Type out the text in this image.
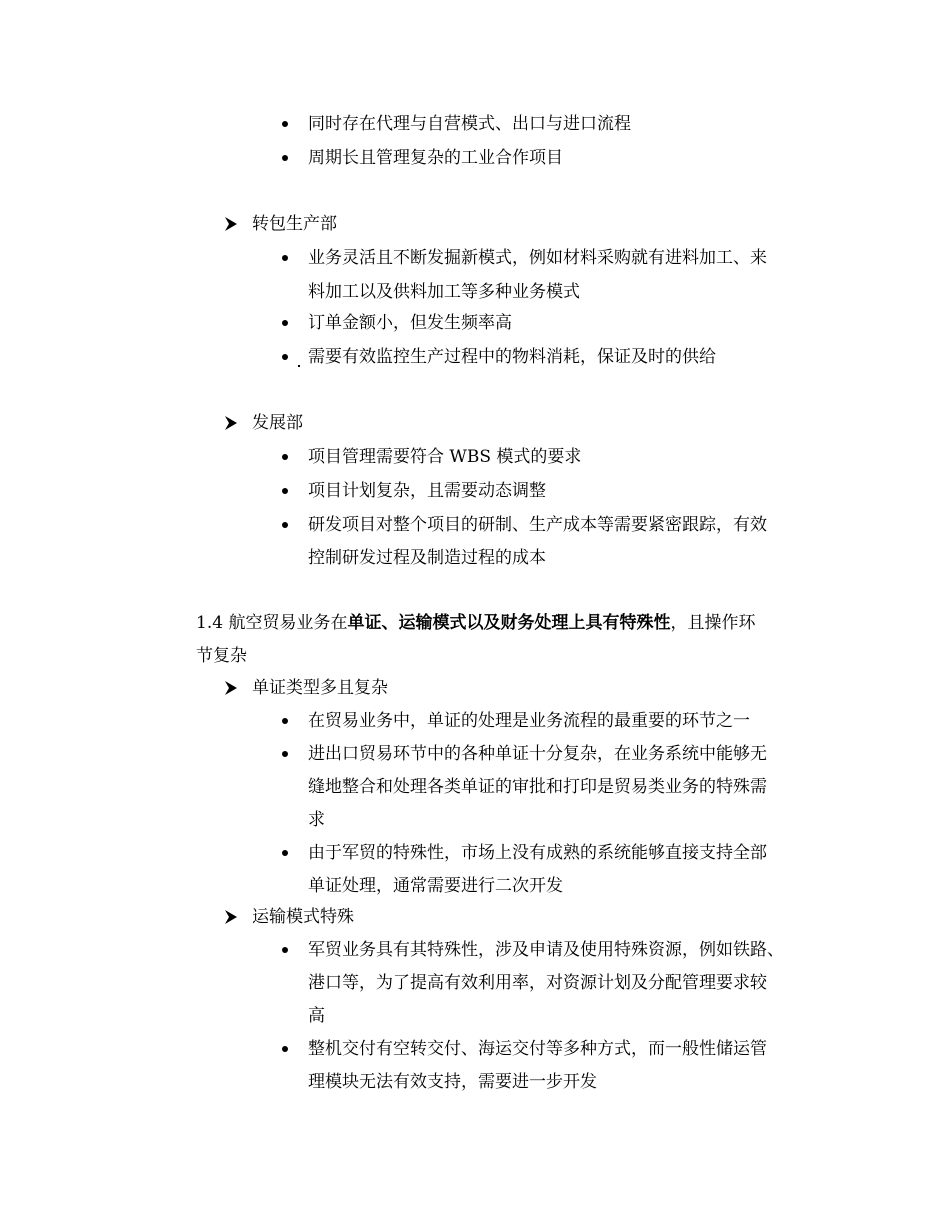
同时存在代理与自营模式、出口与进口流程
周期长且管理复杂的工业合作项目
转包生产部
业务灵活且不断发掘新模式，例如材料采购就有进料加工、来
料加工以及供料加工等多种业务模式
订单金额小，但发生频率高
需要有效监控生产过程中的物料消耗，保证及时的供给
发展部
项目管理需要符合 WBS 模式的要求
项目计划复杂，且需要动态调整
研发项目对整个项目的研制、生产成本等需要紧密跟踪，有效
控制研发过程及制造过程的成本
1.4 航空贸易业务在单证、运输模式以及财务处理上具有特殊性，且操作环
节复杂
单证类型多且复杂
在贸易业务中，单证的处理是业务流程的最重要的环节之一
进出口贸易环节中的各种单证十分复杂，在业务系统中能够无
缝地整合和处理各类单证的审批和打印是贸易类业务的特殊需
求
由于军贸的特殊性，市场上没有成熟的系统能够直接支持全部
单证处理，通常需要进行二次开发
运输模式特殊
军贸业务具有其特殊性，涉及申请及使用特殊资源，例如铁路、
港口等，为了提高有效利用率，对资源计划及分配管理要求较
高
整机交付有空转交付、海运交付等多种方式，而一般性储运管
理模块无法有效支持，需要进一步开发
